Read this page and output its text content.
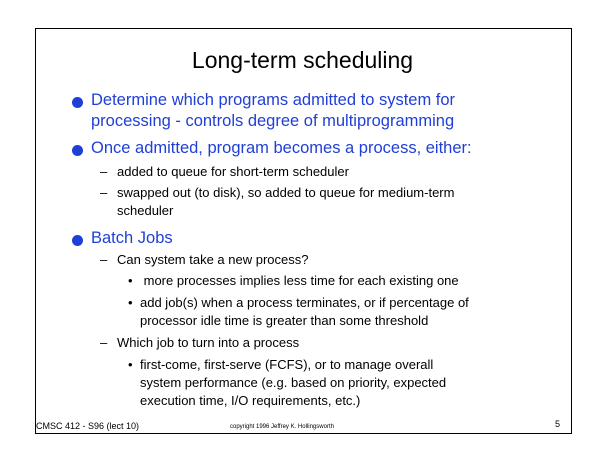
Long-term scheduling
Determine which programs admitted to system for
processing - controls degree of multiprogramming
Once admitted, program becomes a process, either:
– added to queue for short-term scheduler
– swapped out (to disk), so added to queue for medium-term
scheduler
Batch Jobs
– Can system take a new process?
• more processes implies less time for each existing one
• add job(s) when a process terminates, or if percentage of
processor idle time is greater than some threshold
– Which job to turn into a process
• first-come, first-serve (FCFS), or to manage overall
system performance (e.g. based on priority, expected
execution time, I/O requirements, etc.)
CMSC 412 - S96 (lect 10)	copyright 1996 Jeffrey K. Hollingsworth	5
